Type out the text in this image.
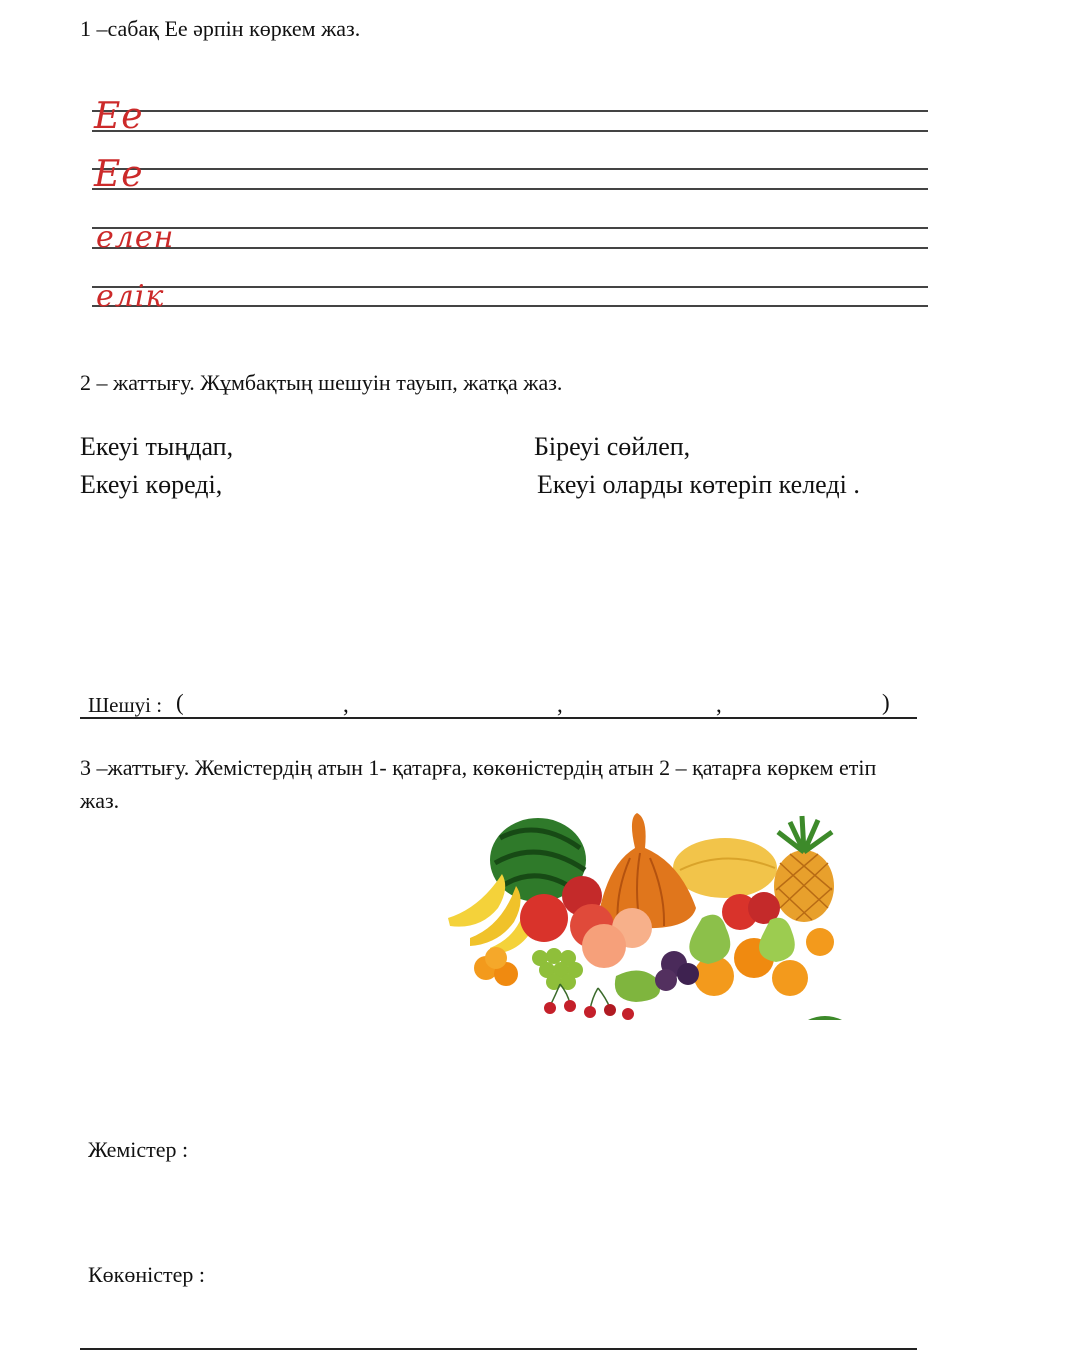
1 –сабақ Ее әрпін көркем жаз.
Ее
Ее
елен
елік
2 – жаттығу. Жұмбақтың шешуін тауып, жатқа жаз.
Екеуі тыңдап,
Екеуі көреді,
Біреуі сөйлеп,
Екеуі оларды көтеріп келеді .
Шешуі : (	,	,	,	)
3 –жаттығу. Жемістердің атын 1- қатарға, көкөністердің атын 2 – қатарға көркем етіп
жаз.
Жемістер :
Көкөністер :
